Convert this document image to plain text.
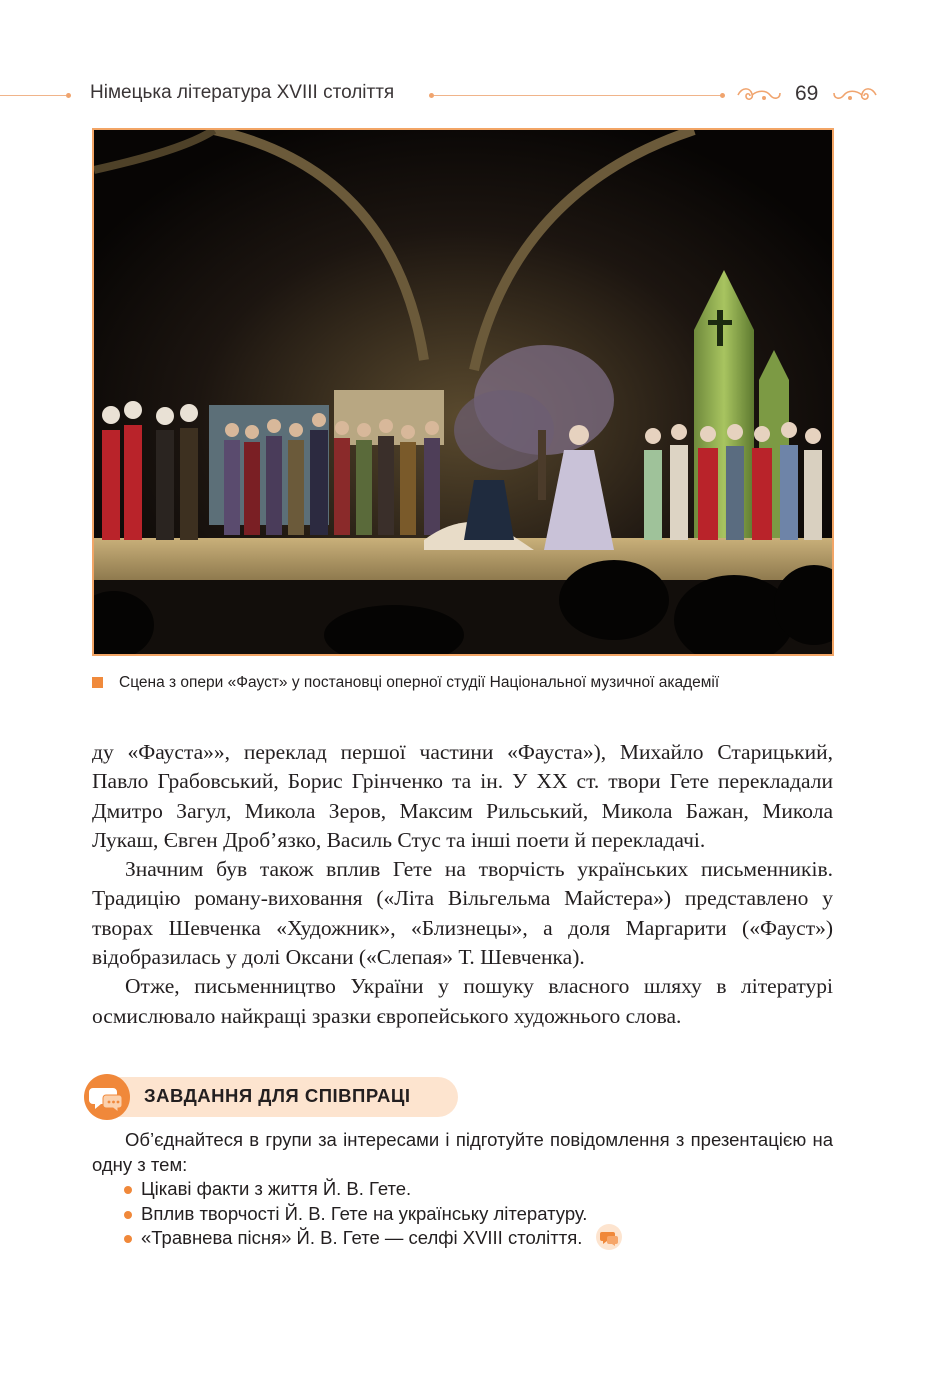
Німецька література XVIII століття	69
Сцена з опери «Фауст» у постановці оперної студії Національної музичної академії

ду «Фауста»», переклад першої частини «Фауста»), Михайло Старицький, Павло Грабовський, Борис Грінченко та ін. У XX ст. твори Гете перекладали Дмитро Загул, Микола Зеров, Максим Рильський, Микола Бажан, Микола Лукаш, Євген Дроб’язко, Василь Стус та інші поети й перекладачі.

Значним був також вплив Гете на творчість українських письменників. Традицію роману-виховання («Літа Вільгельма Майстера») представлено у творах Шевченка «Художник», «Близнецы», а доля Маргарити («Фауст») відобразилась у долі Оксани («Слепая» Т. Шевченка).

Отже, письменництво України у пошуку власного шляху в літературі осмислювало найкращі зразки європейського художнього слова.

ЗАВДАННЯ ДЛЯ СПІВПРАЦІ

Об’єднайтеся в групи за інтересами і підготуйте повідомлення з презентацією на одну з тем:

Цікаві факти з життя Й. В. Гете.
Вплив творчості Й. В. Гете на українську літературу.
«Травнева пісня» Й. В. Гете — селфі XVIII століття.
